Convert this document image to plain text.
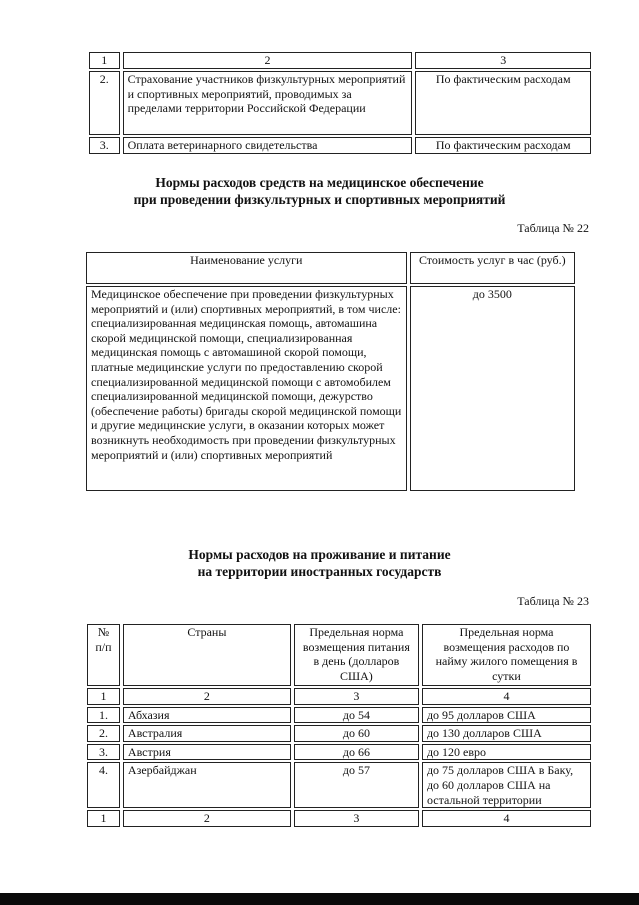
1	2	3
2.	Страхование участников физкультурных мероприятий и спортивных мероприятий, проводимых за пределами территории Российской Федерации	По фактическим расходам
3.	Оплата ветеринарного свидетельства	По фактическим расходам
Нормы расходов средств на медицинское обеспечение
при проведении физкультурных и спортивных мероприятий
Таблица № 22
Наименование услуги	Стоимость услуг в час (руб.)
Медицинское обеспечение при проведении физкультурных мероприятий и (или) спортивных мероприятий, в том числе: специализированная медицинская помощь, автомашина скорой медицинской помощи, специализированная медицинская помощь с автомашиной скорой помощи, платные медицинские услуги по предоставлению скорой специализированной медицинской помощи с автомобилем специализированной медицинской помощи, дежурство (обеспечение работы) бригады скорой медицинской помощи и другие медицинские услуги, в оказании которых может возникнуть необходимость при проведении физкультурных мероприятий и (или) спортивных мероприятий	до 3500
Нормы расходов на проживание и питание
на территории иностранных государств
Таблица № 23
№ п/п	Страны	Предельная норма возмещения питания в день (долларов США)	Предельная норма возмещения расходов по найму жилого помещения в сутки
1	2	3	4
1.	Абхазия	до 54	до 95 долларов США
2.	Австралия	до 60	до 130 долларов США
3.	Австрия	до 66	до 120 евро
4.	Азербайджан	до 57	до 75 долларов США в Баку, до 60 долларов США на остальной территории
1	2	3	4
